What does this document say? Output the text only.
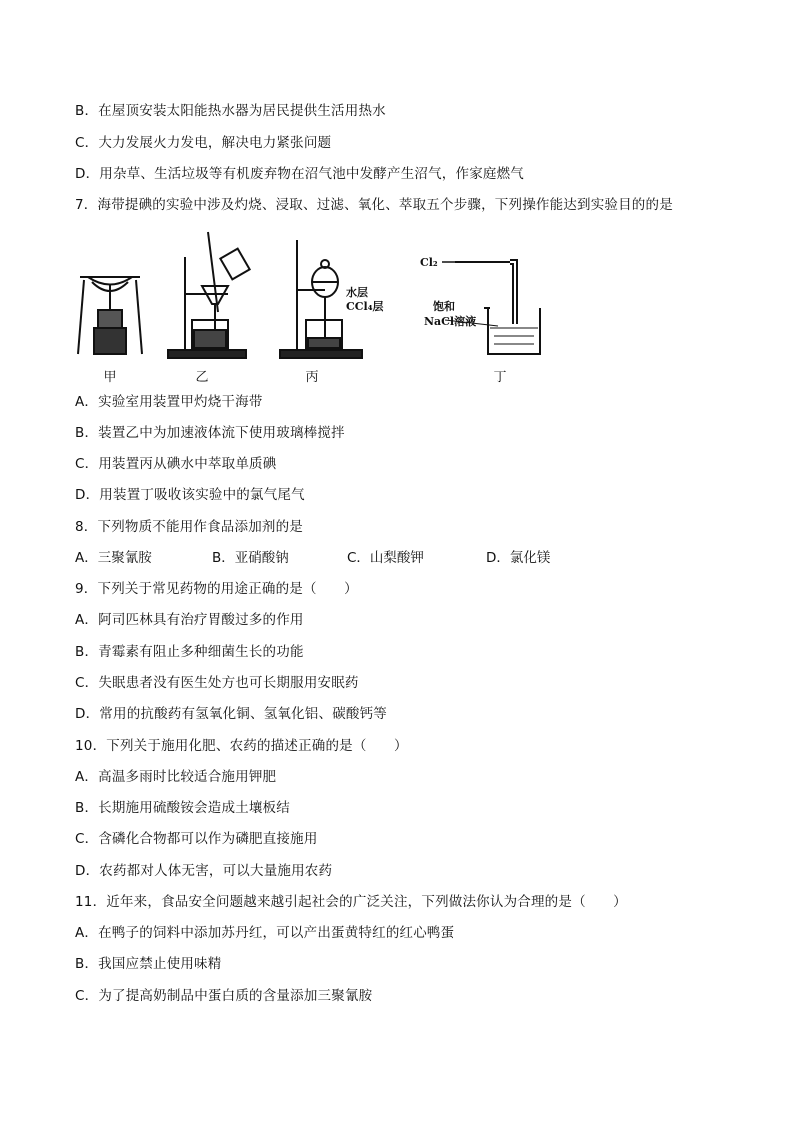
B．在屋顶安装太阳能热水器为居民提供生活用热水
C．大力发展火力发电，解决电力紧张问题
D．用杂草、生活垃圾等有机废弃物在沼气池中发酵产生沼气，作家庭燃气
7．海带提碘的实验中涉及灼烧、浸取、过滤、氧化、萃取五个步骤，下列操作能达到实验目的的是
水层
CCl₄层
Cl₂
饱和
NaCl溶液
甲	乙	丙	丁
A．实验室用装置甲灼烧干海带
B．装置乙中为加速液体流下使用玻璃棒搅拌
C．用装置丙从碘水中萃取单质碘
D．用装置丁吸收该实验中的氯气尾气
8．下列物质不能用作食品添加剂的是
A．三聚氰胺	B．亚硝酸钠	C．山梨酸钾	D．氯化镁
9．下列关于常见药物的用途正确的是（　　）
A．阿司匹林具有治疗胃酸过多的作用
B．青霉素有阻止多种细菌生长的功能
C．失眠患者没有医生处方也可长期服用安眠药
D．常用的抗酸药有氢氧化铜、氢氧化铝、碳酸钙等
10．下列关于施用化肥、农药的描述正确的是（　　）
A．高温多雨时比较适合施用钾肥
B．长期施用硫酸铵会造成土壤板结
C．含磷化合物都可以作为磷肥直接施用
D．农药都对人体无害，可以大量施用农药
11．近年来，食品安全问题越来越引起社会的广泛关注，下列做法你认为合理的是（　　）
A．在鸭子的饲料中添加苏丹红，可以产出蛋黄特红的红心鸭蛋
B．我国应禁止使用味精
C．为了提高奶制品中蛋白质的含量添加三聚氰胺
